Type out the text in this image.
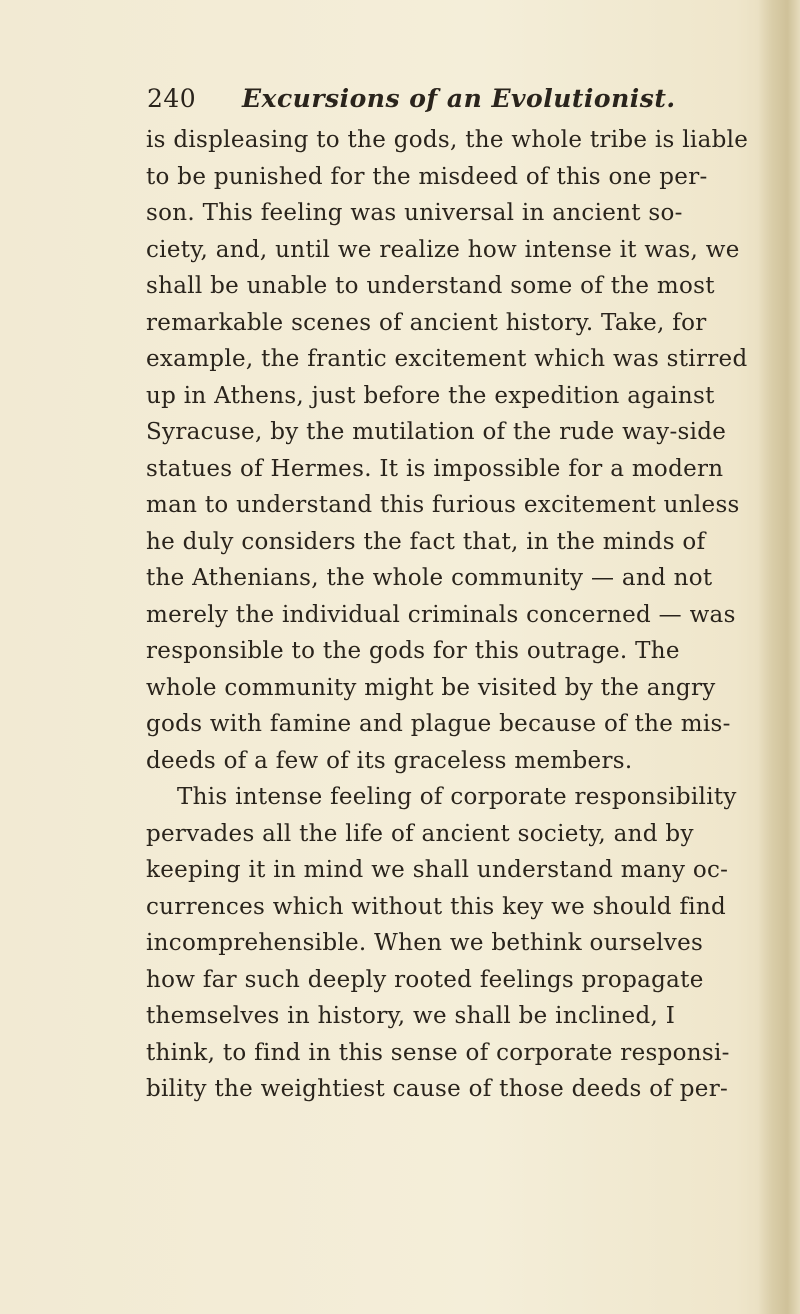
240 Excursions of an Evolutionist.
is displeasing to the gods, the whole tribe is liable
to be punished for the misdeed of this one per-
son. This feeling was universal in ancient so-
ciety, and, until we realize how intense it was, we
shall be unable to understand some of the most
remarkable scenes of ancient history. Take, for
example, the frantic excitement which was stirred
up in Athens, just before the expedition against
Syracuse, by the mutilation of the rude way-side
statues of Hermes. It is impossible for a modern
man to understand this furious excitement unless
he duly considers the fact that, in the minds of
the Athenians, the whole community — and not
merely the individual criminals concerned — was
responsible to the gods for this outrage. The
whole community might be visited by the angry
gods with famine and plague because of the mis-
deeds of a few of its graceless members.
This intense feeling of corporate responsibility
pervades all the life of ancient society, and by
keeping it in mind we shall understand many oc-
currences which without this key we should find
incomprehensible. When we bethink ourselves
how far such deeply rooted feelings propagate
themselves in history, we shall be inclined, I
think, to find in this sense of corporate responsi-
bility the weightiest cause of those deeds of per-
